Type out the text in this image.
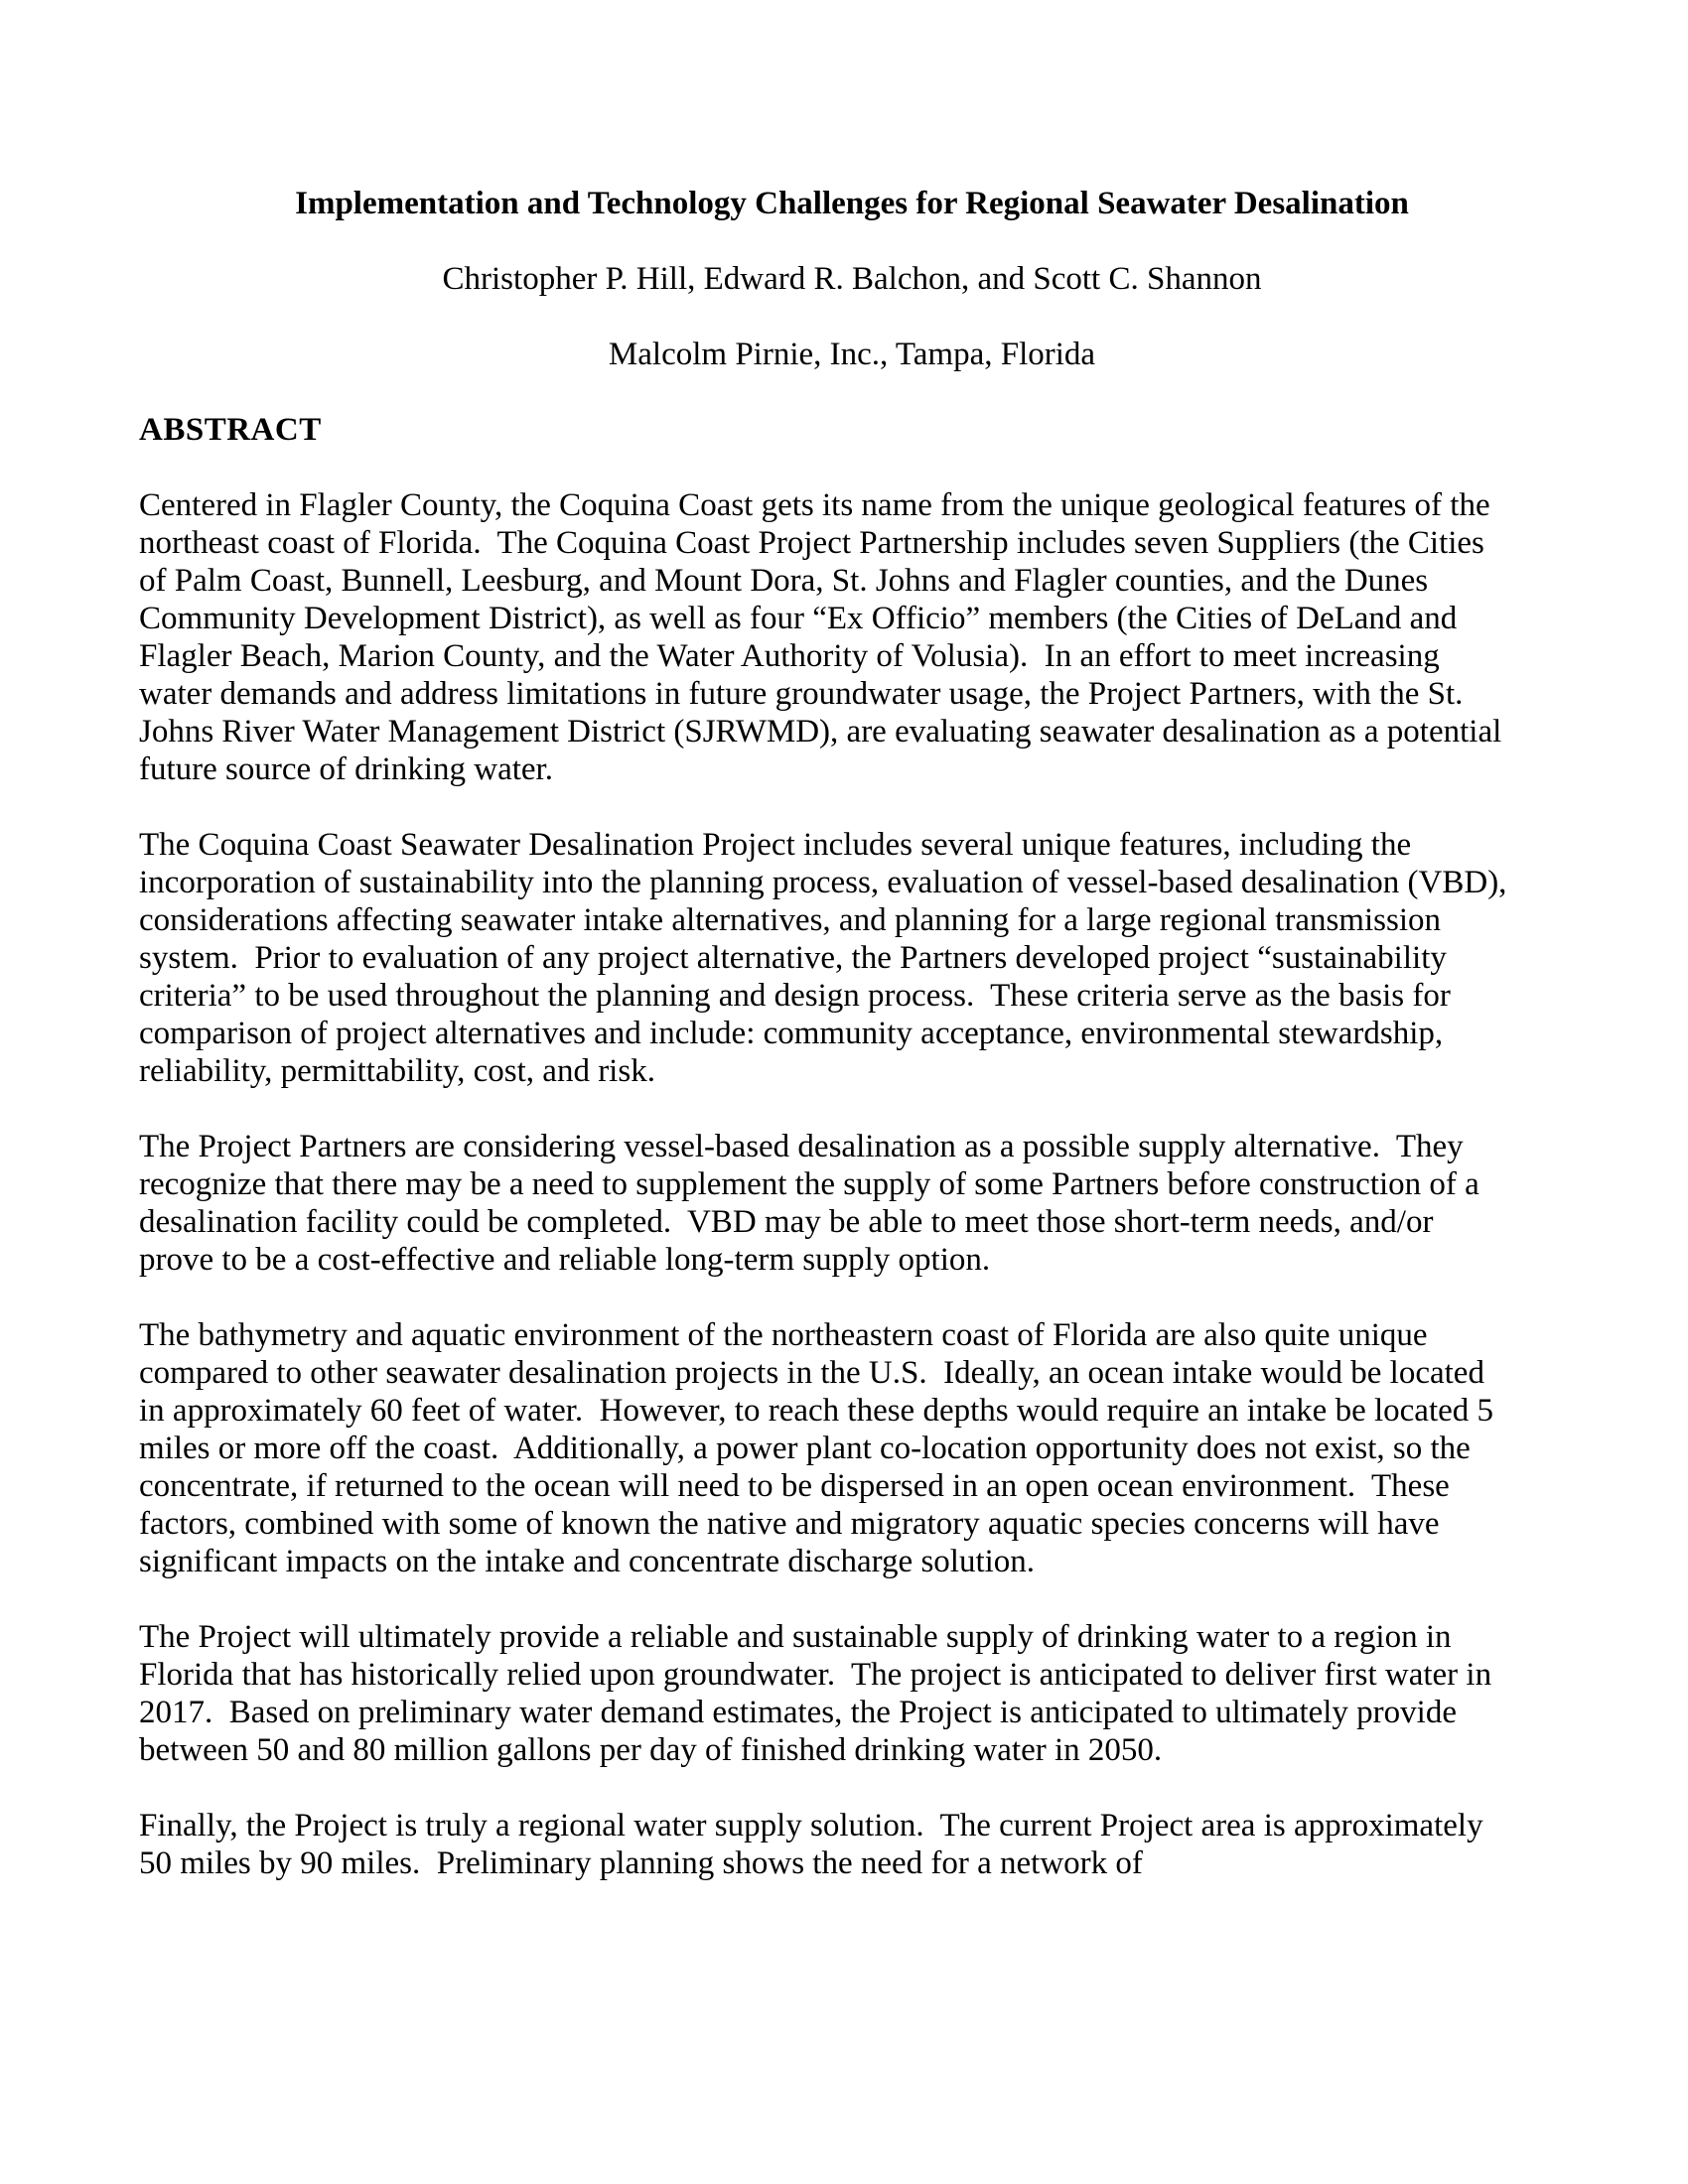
Implementation and Technology Challenges for Regional Seawater Desalination
Christopher P. Hill, Edward R. Balchon, and Scott C. Shannon
Malcolm Pirnie, Inc., Tampa, Florida
ABSTRACT
Centered in Flagler County, the Coquina Coast gets its name from the unique geological features of the northeast coast of Florida.  The Coquina Coast Project Partnership includes seven Suppliers (the Cities of Palm Coast, Bunnell, Leesburg, and Mount Dora, St. Johns and Flagler counties, and the Dunes Community Development District), as well as four “Ex Officio” members (the Cities of DeLand and Flagler Beach, Marion County, and the Water Authority of Volusia).  In an effort to meet increasing water demands and address limitations in future groundwater usage, the Project Partners, with the St. Johns River Water Management District (SJRWMD), are evaluating seawater desalination as a potential future source of drinking water.
The Coquina Coast Seawater Desalination Project includes several unique features, including the incorporation of sustainability into the planning process, evaluation of vessel-based desalination (VBD), considerations affecting seawater intake alternatives, and planning for a large regional transmission system.  Prior to evaluation of any project alternative, the Partners developed project “sustainability criteria” to be used throughout the planning and design process.  These criteria serve as the basis for comparison of project alternatives and include: community acceptance, environmental stewardship, reliability, permittability, cost, and risk.
The Project Partners are considering vessel-based desalination as a possible supply alternative.  They recognize that there may be a need to supplement the supply of some Partners before construction of a desalination facility could be completed.  VBD may be able to meet those short-term needs, and/or prove to be a cost-effective and reliable long-term supply option.
The bathymetry and aquatic environment of the northeastern coast of Florida are also quite unique compared to other seawater desalination projects in the U.S.  Ideally, an ocean intake would be located in approximately 60 feet of water.  However, to reach these depths would require an intake be located 5 miles or more off the coast.  Additionally, a power plant co-location opportunity does not exist, so the concentrate, if returned to the ocean will need to be dispersed in an open ocean environment.  These factors, combined with some of known the native and migratory aquatic species concerns will have significant impacts on the intake and concentrate discharge solution.
The Project will ultimately provide a reliable and sustainable supply of drinking water to a region in Florida that has historically relied upon groundwater.  The project is anticipated to deliver first water in 2017.  Based on preliminary water demand estimates, the Project is anticipated to ultimately provide between 50 and 80 million gallons per day of finished drinking water in 2050.
Finally, the Project is truly a regional water supply solution.  The current Project area is approximately 50 miles by 90 miles.  Preliminary planning shows the need for a network of
